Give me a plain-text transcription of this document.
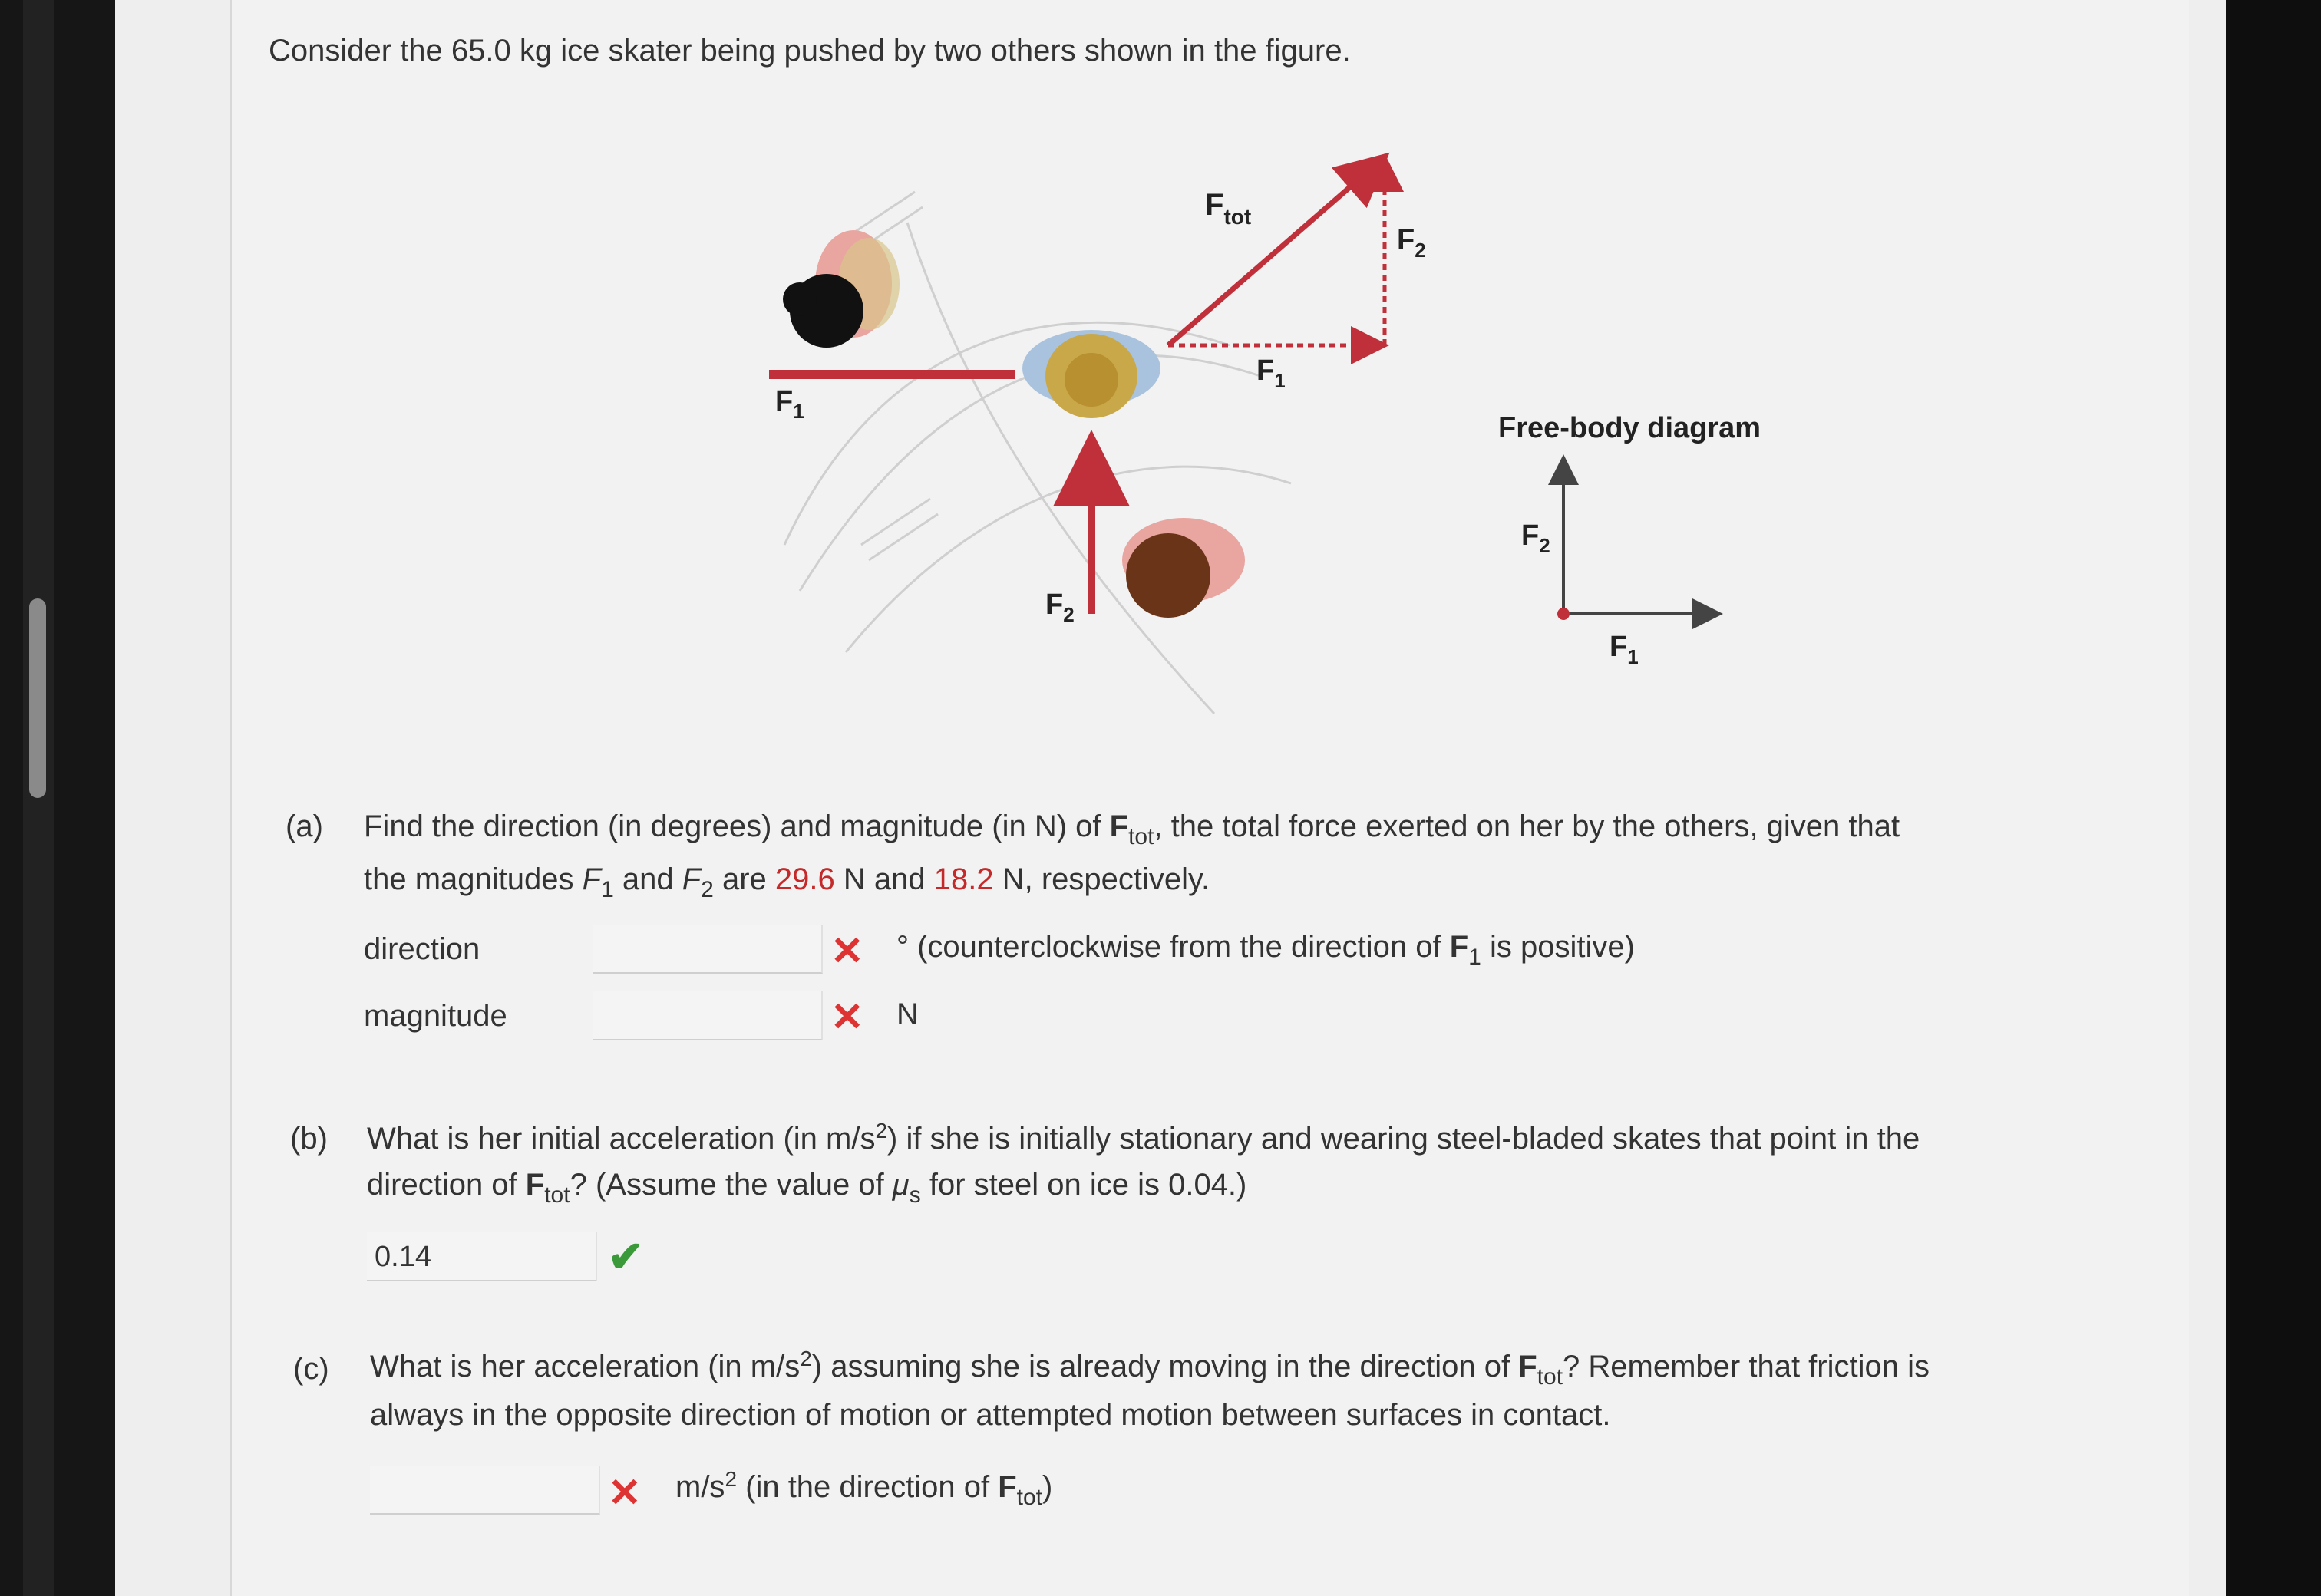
Consider the 65.0 kg ice skater being pushed by two others shown in the figure.
$F_1$
$F_2$
$F_{tot}$
$F_2$
$F_1$
Free-body diagram
$F_2$
$F_1$
(a) Find the direction (in degrees) and magnitude (in N) of $F_{tot}$, the total force exerted on her by the others, given that
the magnitudes $F_1$ and $F_2$ are 29.6 N and 18.2 N, respectively.
direction	✕ ° (counterclockwise from the direction of $F_1$ is positive)
magnitude	✕ N
(b) What is her initial acceleration (in $m/s^2$) if she is initially stationary and wearing steel-bladed skates that point in the
direction of $F_{tot}$? (Assume the value of $\mu_s$ for steel on ice is 0.04.)
0.14	✔
(c) What is her acceleration (in $m/s^2$) assuming she is already moving in the direction of $F_{tot}$? Remember that friction is
always in the opposite direction of motion or attempted motion between surfaces in contact.
✕ $m/s^2$ (in the direction of $F_{tot}$)
